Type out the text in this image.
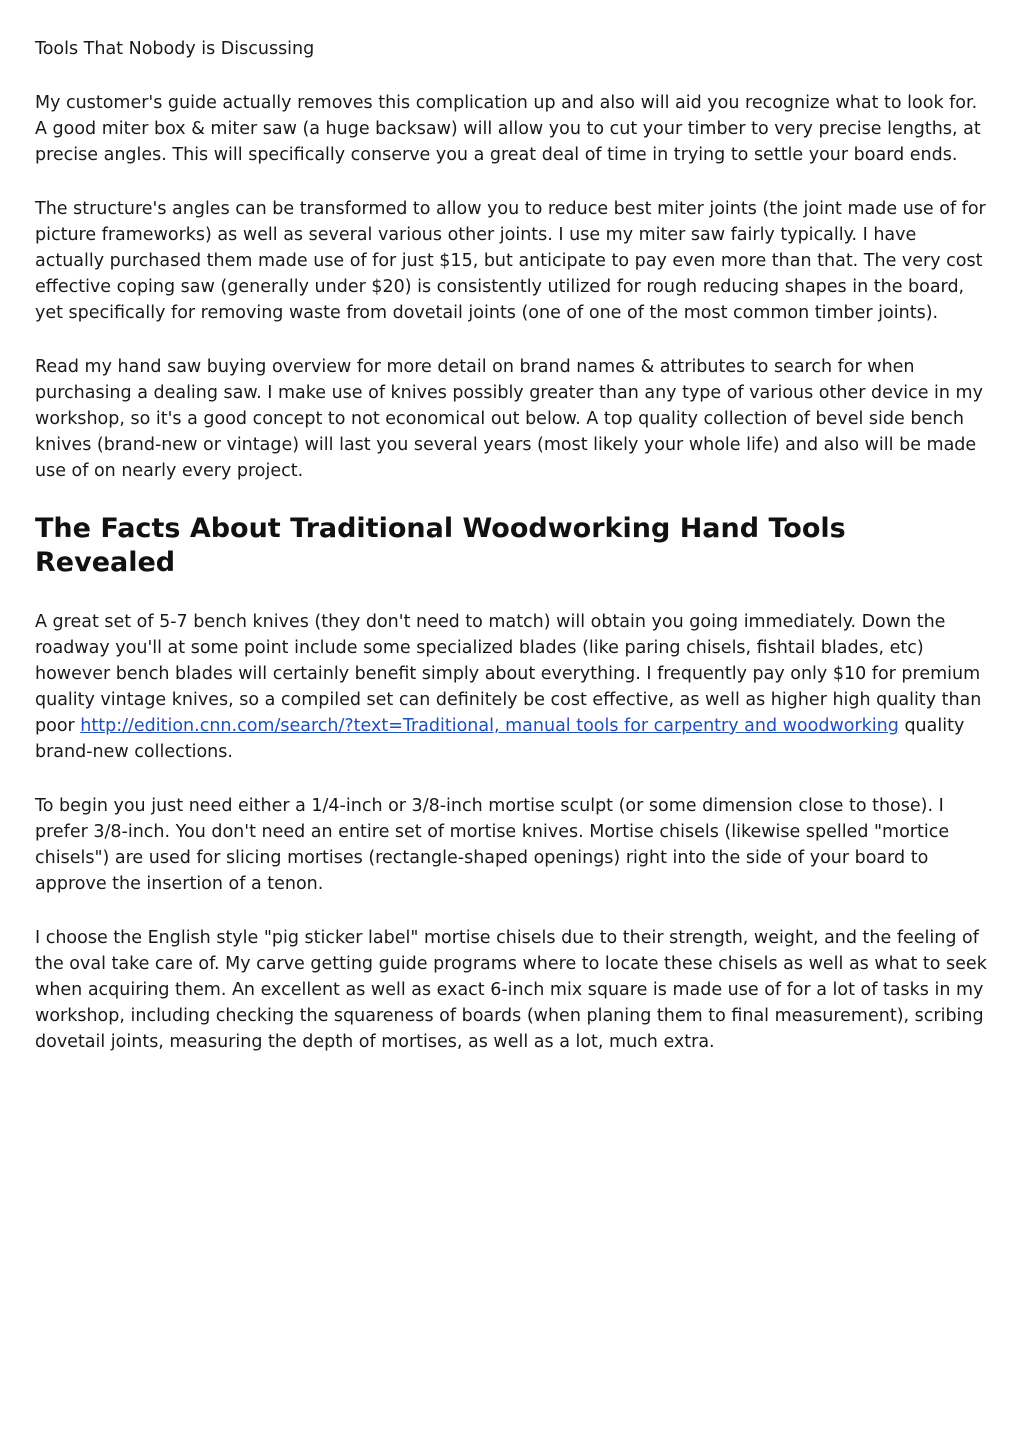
Tools That Nobody is Discussing

My customer's guide actually removes this complication up and also will aid you recognize what to look for. A good miter box & miter saw (a huge backsaw) will allow you to cut your timber to very precise lengths, at precise angles. This will specifically conserve you a great deal of time in trying to settle your board ends.

The structure's angles can be transformed to allow you to reduce best miter joints (the joint made use of for picture frameworks) as well as several various other joints. I use my miter saw fairly typically. I have actually purchased them made use of for just $15, but anticipate to pay even more than that. The very cost effective coping saw (generally under $20) is consistently utilized for rough reducing shapes in the board, yet specifically for removing waste from dovetail joints (one of one of the most common timber joints).

Read my hand saw buying overview for more detail on brand names & attributes to search for when purchasing a dealing saw. I make use of knives possibly greater than any type of various other device in my workshop, so it's a good concept to not economical out below. A top quality collection of bevel side bench knives (brand-new or vintage) will last you several years (most likely your whole life) and also will be made use of on nearly every project.

The Facts About Traditional Woodworking Hand Tools Revealed

A great set of 5-7 bench knives (they don't need to match) will obtain you going immediately. Down the roadway you'll at some point include some specialized blades (like paring chisels, fishtail blades, etc) however bench blades will certainly benefit simply about everything. I frequently pay only $10 for premium quality vintage knives, so a compiled set can definitely be cost effective, as well as higher high quality than poor http://edition.cnn.com/search/?text=Traditional, manual tools for carpentry and woodworking quality brand-new collections.

To begin you just need either a 1/4-inch or 3/8-inch mortise sculpt (or some dimension close to those). I prefer 3/8-inch. You don't need an entire set of mortise knives. Mortise chisels (likewise spelled "mortice chisels") are used for slicing mortises (rectangle-shaped openings) right into the side of your board to approve the insertion of a tenon.

I choose the English style "pig sticker label" mortise chisels due to their strength, weight, and the feeling of the oval take care of. My carve getting guide programs where to locate these chisels as well as what to seek when acquiring them. An excellent as well as exact 6-inch mix square is made use of for a lot of tasks in my workshop, including checking the squareness of boards (when planing them to final measurement), scribing dovetail joints, measuring the depth of mortises, as well as a lot, much extra.
